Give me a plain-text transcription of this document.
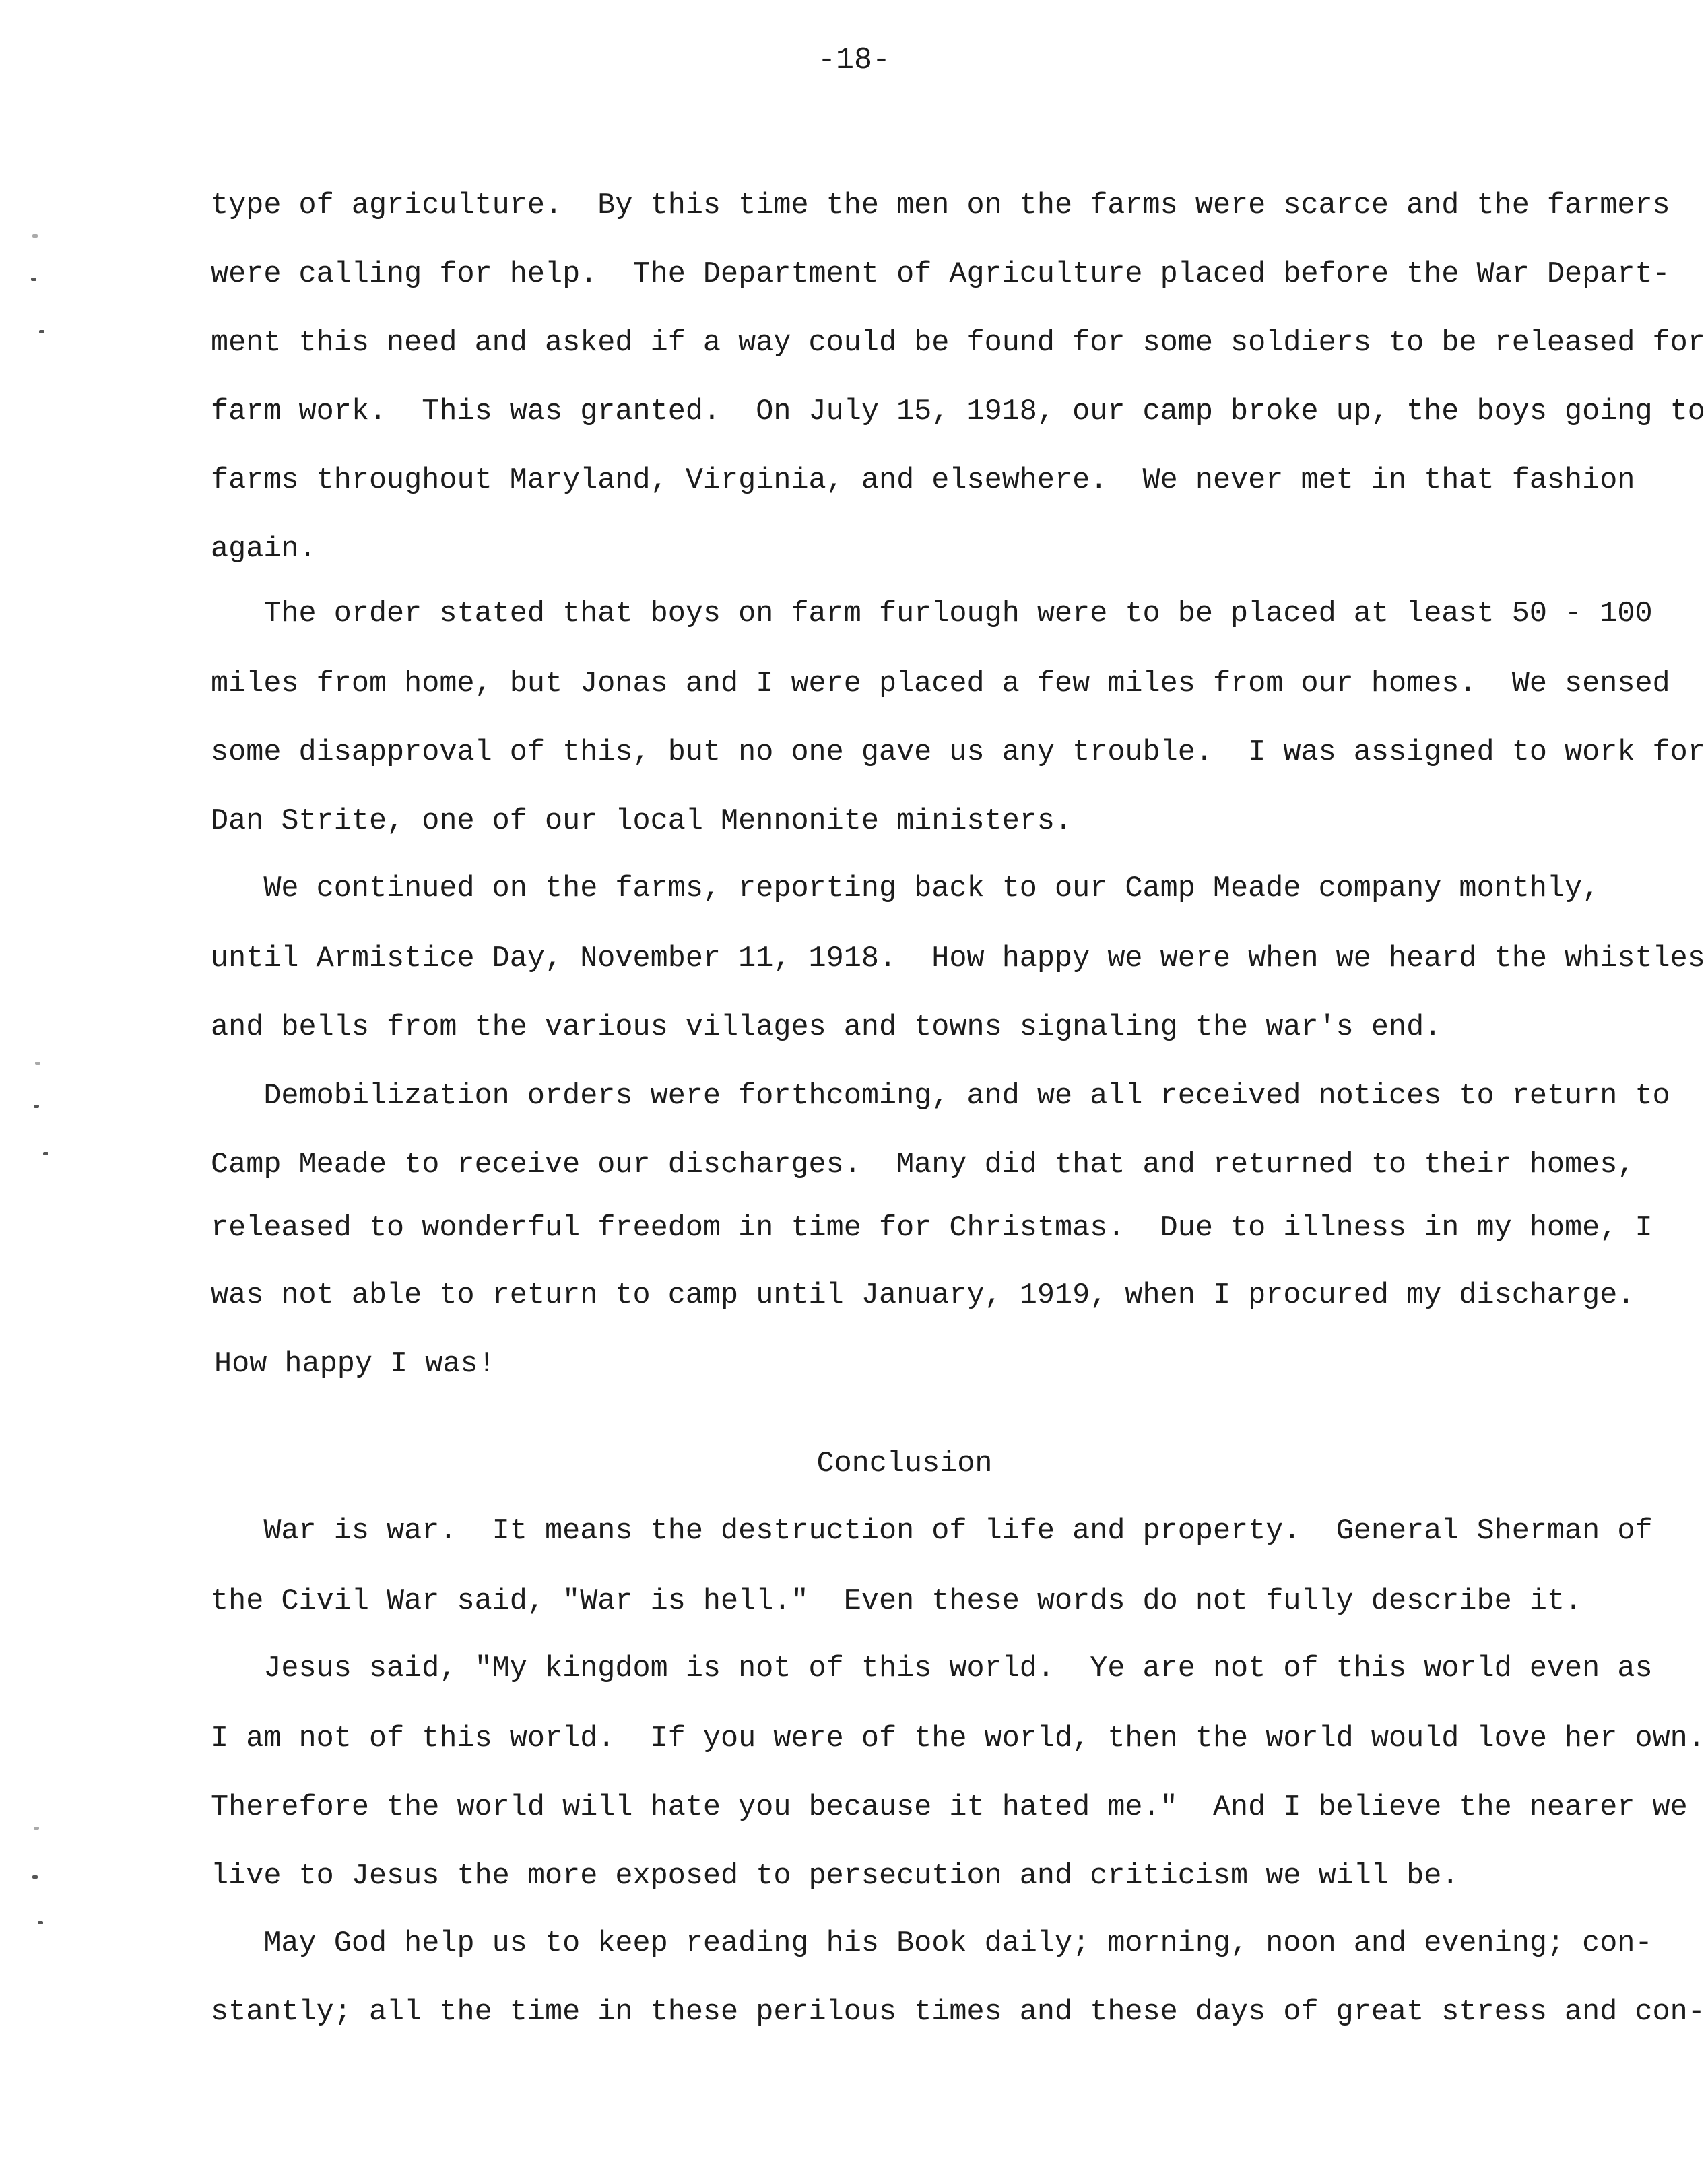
-18-
type of agriculture.  By this time the men on the farms were scarce and the farmers
were calling for help.  The Department of Agriculture placed before the War Depart-
ment this need and asked if a way could be found for some soldiers to be released for
farm work.  This was granted.  On July 15, 1918, our camp broke up, the boys going to
farms throughout Maryland, Virginia, and elsewhere.  We never met in that fashion
again.
The order stated that boys on farm furlough were to be placed at least 50 - 100
miles from home, but Jonas and I were placed a few miles from our homes.  We sensed
some disapproval of this, but no one gave us any trouble.  I was assigned to work for
Dan Strite, one of our local Mennonite ministers.
We continued on the farms, reporting back to our Camp Meade company monthly,
until Armistice Day, November 11, 1918.  How happy we were when we heard the whistles
and bells from the various villages and towns signaling the war's end.
Demobilization orders were forthcoming, and we all received notices to return to
Camp Meade to receive our discharges.  Many did that and returned to their homes,
released to wonderful freedom in time for Christmas.  Due to illness in my home, I
was not able to return to camp until January, 1919, when I procured my discharge.
How happy I was!
Conclusion
War is war.  It means the destruction of life and property.  General Sherman of
the Civil War said, "War is hell."  Even these words do not fully describe it.
Jesus said, "My kingdom is not of this world.  Ye are not of this world even as
I am not of this world.  If you were of the world, then the world would love her own.
Therefore the world will hate you because it hated me."  And I believe the nearer we
live to Jesus the more exposed to persecution and criticism we will be.
May God help us to keep reading his Book daily; morning, noon and evening; con-
stantly; all the time in these perilous times and these days of great stress and con-
